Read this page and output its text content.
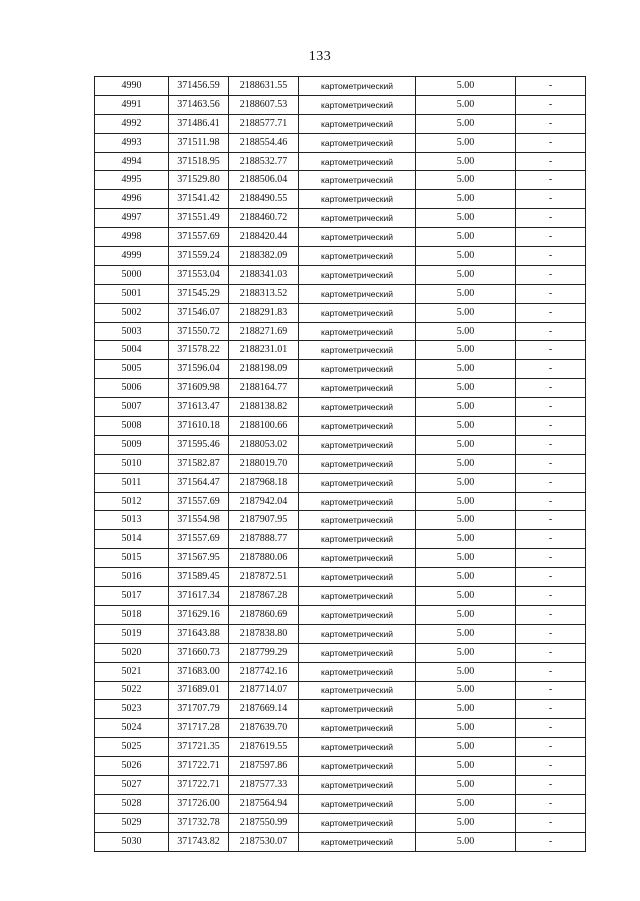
133
4990	371456.59	2188631.55	картометрический	5.00	-
4991	371463.56	2188607.53	картометрический	5.00	-
4992	371486.41	2188577.71	картометрический	5.00	-
4993	371511.98	2188554.46	картометрический	5.00	-
4994	371518.95	2188532.77	картометрический	5.00	-
4995	371529.80	2188506.04	картометрический	5.00	-
4996	371541.42	2188490.55	картометрический	5.00	-
4997	371551.49	2188460.72	картометрический	5.00	-
4998	371557.69	2188420.44	картометрический	5.00	-
4999	371559.24	2188382.09	картометрический	5.00	-
5000	371553.04	2188341.03	картометрический	5.00	-
5001	371545.29	2188313.52	картометрический	5.00	-
5002	371546.07	2188291.83	картометрический	5.00	-
5003	371550.72	2188271.69	картометрический	5.00	-
5004	371578.22	2188231.01	картометрический	5.00	-
5005	371596.04	2188198.09	картометрический	5.00	-
5006	371609.98	2188164.77	картометрический	5.00	-
5007	371613.47	2188138.82	картометрический	5.00	-
5008	371610.18	2188100.66	картометрический	5.00	-
5009	371595.46	2188053.02	картометрический	5.00	-
5010	371582.87	2188019.70	картометрический	5.00	-
5011	371564.47	2187968.18	картометрический	5.00	-
5012	371557.69	2187942.04	картометрический	5.00	-
5013	371554.98	2187907.95	картометрический	5.00	-
5014	371557.69	2187888.77	картометрический	5.00	-
5015	371567.95	2187880.06	картометрический	5.00	-
5016	371589.45	2187872.51	картометрический	5.00	-
5017	371617.34	2187867.28	картометрический	5.00	-
5018	371629.16	2187860.69	картометрический	5.00	-
5019	371643.88	2187838.80	картометрический	5.00	-
5020	371660.73	2187799.29	картометрический	5.00	-
5021	371683.00	2187742.16	картометрический	5.00	-
5022	371689.01	2187714.07	картометрический	5.00	-
5023	371707.79	2187669.14	картометрический	5.00	-
5024	371717.28	2187639.70	картометрический	5.00	-
5025	371721.35	2187619.55	картометрический	5.00	-
5026	371722.71	2187597.86	картометрический	5.00	-
5027	371722.71	2187577.33	картометрический	5.00	-
5028	371726.00	2187564.94	картометрический	5.00	-
5029	371732.78	2187550.99	картометрический	5.00	-
5030	371743.82	2187530.07	картометрический	5.00	-
